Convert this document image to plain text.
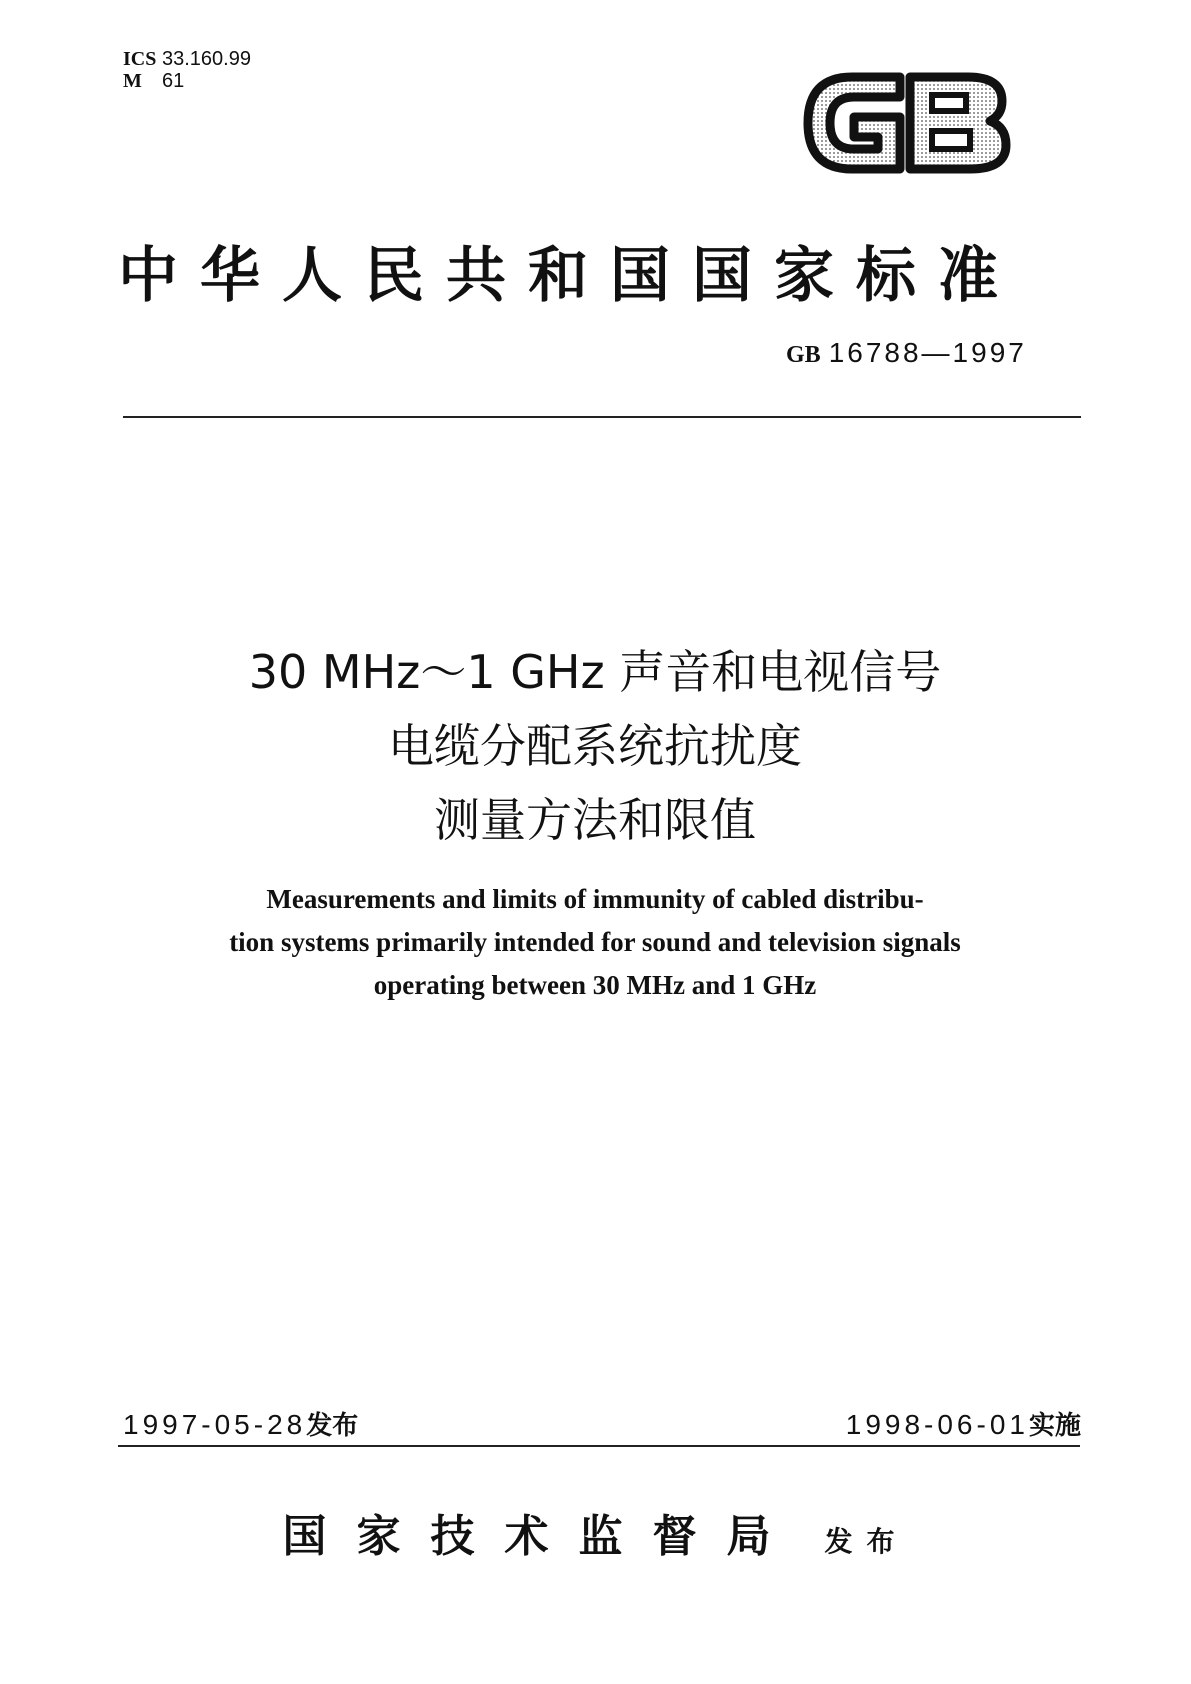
ICS 33.160.99
M 61
中华人民共和国国家标准
GB 16788—1997
30 MHz～1 GHz 声音和电视信号
电缆分配系统抗扰度
测量方法和限值
Measurements and limits of immunity of cabled distribu-
tion systems primarily intended for sound and television signals
operating between 30 MHz and 1 GHz
1997-05-28发布	1998-06-01实施
国家技术监督局 发布
